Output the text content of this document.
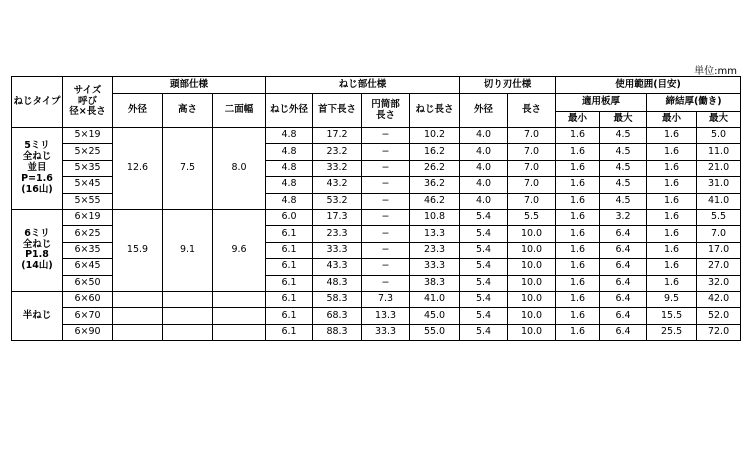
単位:mm
ねじタイプ	サイズ
呼び
径×長さ	頭部仕様			ねじ部仕様				切り刃仕様		使用範囲(目安)			
		外径	高さ	二面幅	ねじ外径	首下長さ	円筒部
長さ	ねじ長さ	外径	長さ	適用板厚		締結厚(働き)	
											最小	最大	最小	最大

5ミリ
全ねじ
並目
P=1.6
(16山)	5×19	12.6	7.5	8.0	4.8	17.2	−	10.2	4.0	7.0	1.6	4.5	1.6	5.0
	5×25				4.8	23.2	−	16.2	4.0	7.0	1.6	4.5	1.6	11.0
	5×35				4.8	33.2	−	26.2	4.0	7.0	1.6	4.5	1.6	21.0
	5×45				4.8	43.2	−	36.2	4.0	7.0	1.6	4.5	1.6	31.0
	5×55				4.8	53.2	−	46.2	4.0	7.0	1.6	4.5	1.6	41.0

6ミリ
全ねじ
P1.8
(14山)	6×19	15.9	9.1	9.6	6.0	17.3	−	10.8	5.4	5.5	1.6	3.2	1.6	5.5
	6×25				6.1	23.3	−	13.3	5.4	10.0	1.6	6.4	1.6	7.0
	6×35				6.1	33.3	−	23.3	5.4	10.0	1.6	6.4	1.6	17.0
	6×45				6.1	43.3	−	33.3	5.4	10.0	1.6	6.4	1.6	27.0
	6×50				6.1	48.3	−	38.3	5.4	10.0	1.6	6.4	1.6	32.0

半ねじ	6×60				6.1	58.3	7.3	41.0	5.4	10.0	1.6	6.4	9.5	42.0
	6×70				6.1	68.3	13.3	45.0	5.4	10.0	1.6	6.4	15.5	52.0
	6×90				6.1	88.3	33.3	55.0	5.4	10.0	1.6	6.4	25.5	72.0
